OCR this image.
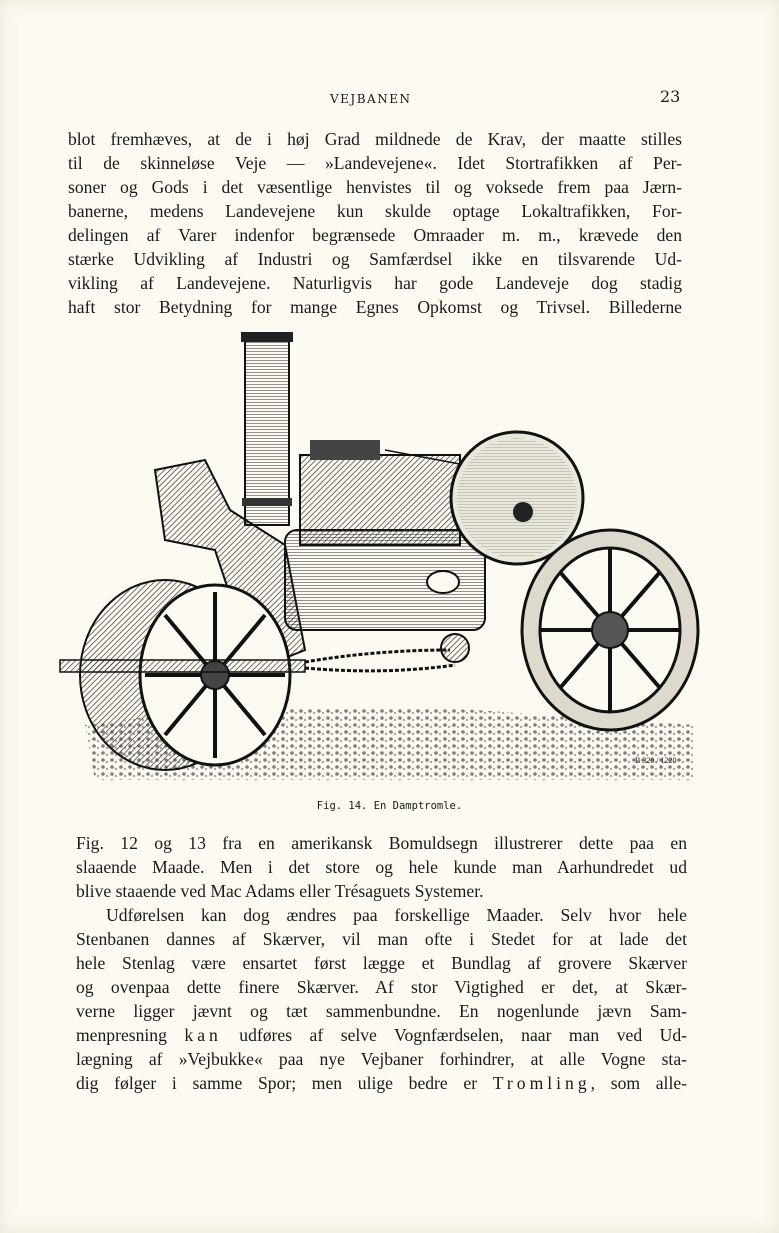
VEJBANEN	23
blot fremhæves, at de i høj Grad mildnede de Krav, der maatte stilles
til de skinneløse Veje — »Landevejene«. Idet Stortrafikken af Per-
soner og Gods i det væsentlige henvistes til og voksede frem paa Jærn-
banerne, medens Landevejene kun skulde optage Lokaltrafikken, For-
delingen af Varer indenfor begrænsede Omraader m. m., krævede den
stærke Udvikling af Industri og Samfærdsel ikke en tilsvarende Ud-
vikling af Landevejene. Naturligvis har gode Landeveje dog stadig
haft stor Betydning for mange Egnes Opkomst og Trivsel. Billederne
B 320 / 1220
Fig. 14. En Damptromle.
Fig. 12 og 13 fra en amerikansk Bomuldsegn illustrerer dette paa en
slaaende Maade. Men i det store og hele kunde man Aarhundredet ud
blive staaende ved Mac Adams eller Trésaguets Systemer.
Udførelsen kan dog ændres paa forskellige Maader. Selv hvor hele
Stenbanen dannes af Skærver, vil man ofte i Stedet for at lade det
hele Stenlag være ensartet først lægge et Bundlag af grovere Skærver
og ovenpaa dette finere Skærver. Af stor Vigtighed er det, at Skær-
verne ligger jævnt og tæt sammenbundne. En nogenlunde jævn Sam-
menpresning kan udføres af selve Vognfærdselen, naar man ved Ud-
lægning af »Vejbukke« paa nye Vejbaner forhindrer, at alle Vogne sta-
dig følger i samme Spor; men ulige bedre er Tromling, som alle-
